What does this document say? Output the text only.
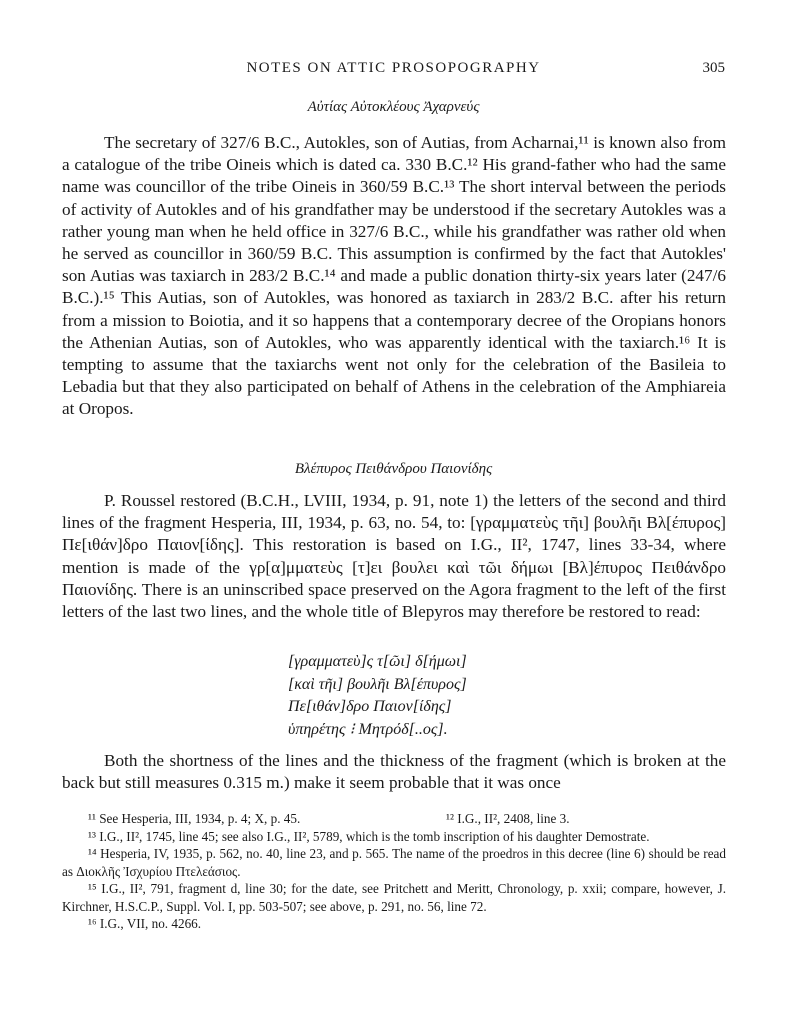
NOTES ON ATTIC PROSOPOGRAPHY	305
Αὐτίας Αὐτοκλέους Ἀχαρνεύς

The secretary of 327/6 B.C., Autokles, son of Autias, from Acharnai,¹¹ is known also from a catalogue of the tribe Oineis which is dated ca. 330 B.C.¹² His grand-father who had the same name was councillor of the tribe Oineis in 360/59 B.C.¹³ The short interval between the periods of activity of Autokles and of his grandfather may be understood if the secretary Autokles was a rather young man when he held office in 327/6 B.C., while his grandfather was rather old when he served as councillor in 360/59 B.C. This assumption is confirmed by the fact that Autokles' son Autias was taxiarch in 283/2 B.C.¹⁴ and made a public donation thirty-six years later (247/6 B.C.).¹⁵ This Autias, son of Autokles, was honored as taxiarch in 283/2 B.C. after his return from a mission to Boiotia, and it so happens that a contemporary decree of the Oropians honors the Athenian Autias, son of Autokles, who was apparently identical with the taxiarch.¹⁶ It is tempting to assume that the taxiarchs went not only for the celebration of the Basileia to Lebadia but that they also participated on behalf of Athens in the celebration of the Amphiareia at Oropos.

Βλέπυρος Πειθάνδρου Παιονίδης

P. Roussel restored (B.C.H., LVIII, 1934, p. 91, note 1) the letters of the second and third lines of the fragment Hesperia, III, 1934, p. 63, no. 54, to: [γραμματεὺς τῆι] βουλῆι Βλ[έπυρος] Πε[ιθάν]δρο Παιον[ίδης]. This restoration is based on I.G., II², 1747, lines 33-34, where mention is made of the γρ[α]μματεὺς [τ]ει βουλει καὶ τῶι δήμωι [Βλ]έπυρος Πειθάνδρο Παιονίδης. There is an uninscribed space preserved on the Agora fragment to the left of the first letters of the last two lines, and the whole title of Blepyros may therefore be restored to read:

[γραμματεὺ]ς τ[ῶι] δ[ήμωι]
[καὶ τῆι] βουλῆι Βλ[έπυρος]
Πε[ιθάν]δρο Παιον[ίδης]
ὑπηρέτης ⁝ Μητρόδ[..ος].

Both the shortness of the lines and the thickness of the fragment (which is broken at the back but still measures 0.315 m.) make it seem probable that it was once

¹¹ See Hesperia, III, 1934, p. 4; X, p. 45.	¹² I.G., II², 2408, line 3.

¹³ I.G., II², 1745, line 45; see also I.G., II², 5789, which is the tomb inscription of his daughter Demostrate.

¹⁴ Hesperia, IV, 1935, p. 562, no. 40, line 23, and p. 565. The name of the proedros in this decree (line 6) should be read as Διοκλῆς Ἰσχυρίου Πτελεάσιος.

¹⁵ I.G., II², 791, fragment d, line 30; for the date, see Pritchett and Meritt, Chronology, p. xxii; compare, however, J. Kirchner, H.S.C.P., Suppl. Vol. I, pp. 503-507; see above, p. 291, no. 56, line 72.

¹⁶ I.G., VII, no. 4266.
